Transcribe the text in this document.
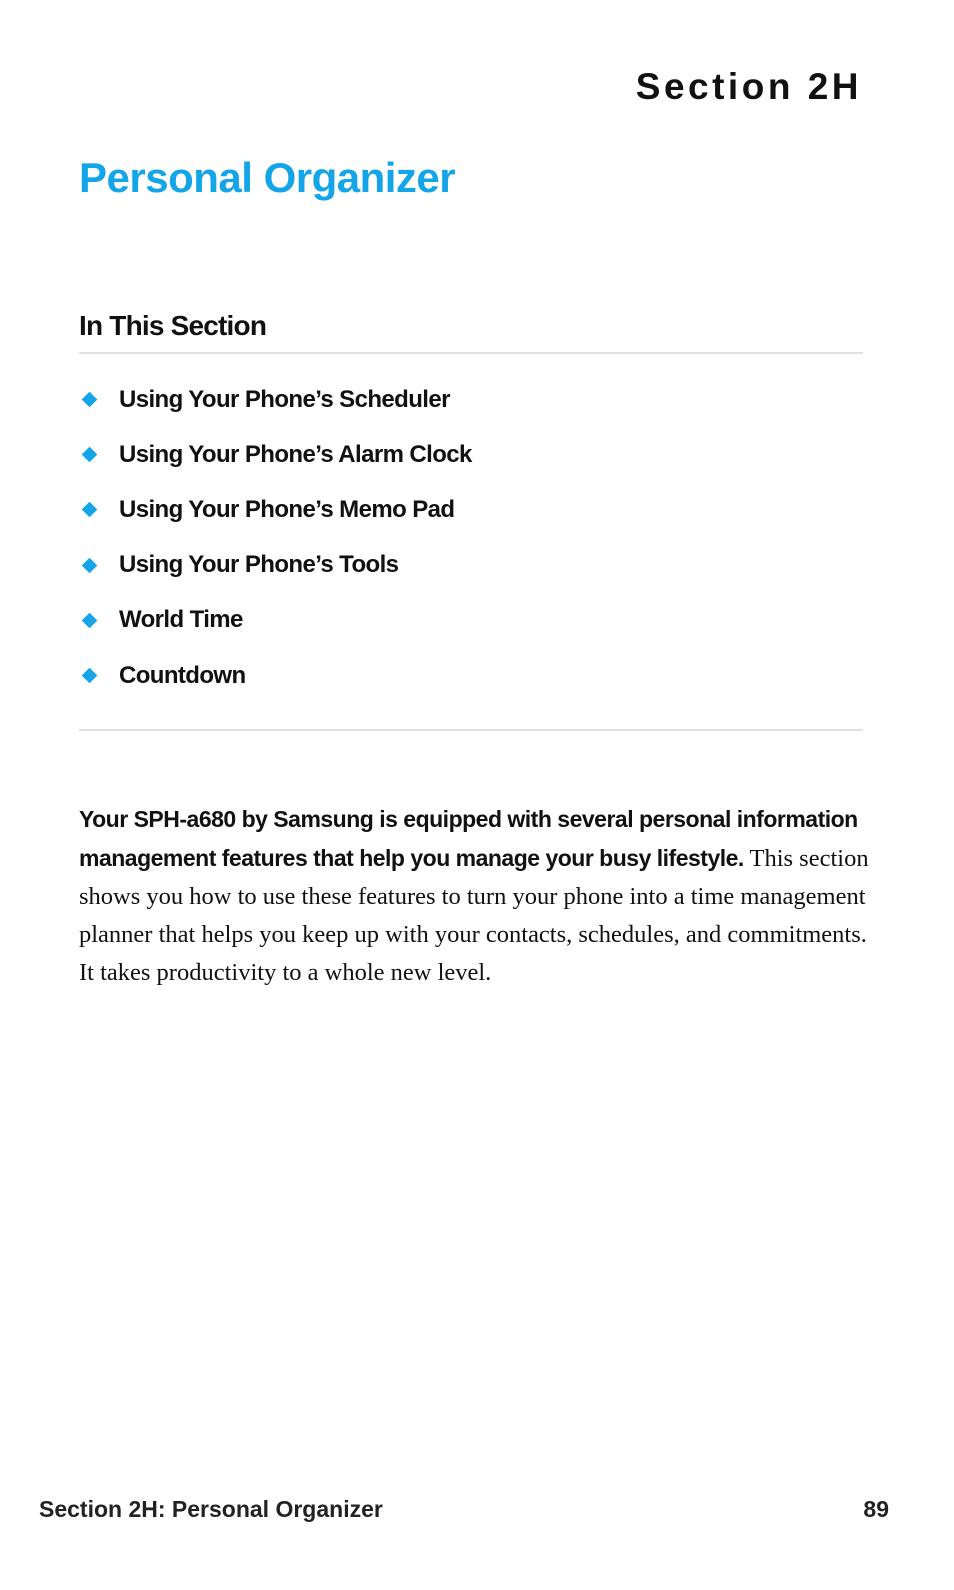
Section 2H
Personal Organizer
In This Section
Using Your Phone’s Scheduler
Using Your Phone’s Alarm Clock
Using Your Phone’s Memo Pad
Using Your Phone’s Tools
World Time
Countdown

Your SPH-a680 by Samsung is equipped with several personal information management features that help you manage your busy lifestyle. This section shows you how to use these features to turn your phone into a time management planner that helps you keep up with your contacts, schedules, and commitments. It takes productivity to a whole new level.

Section 2H: Personal Organizer	89
